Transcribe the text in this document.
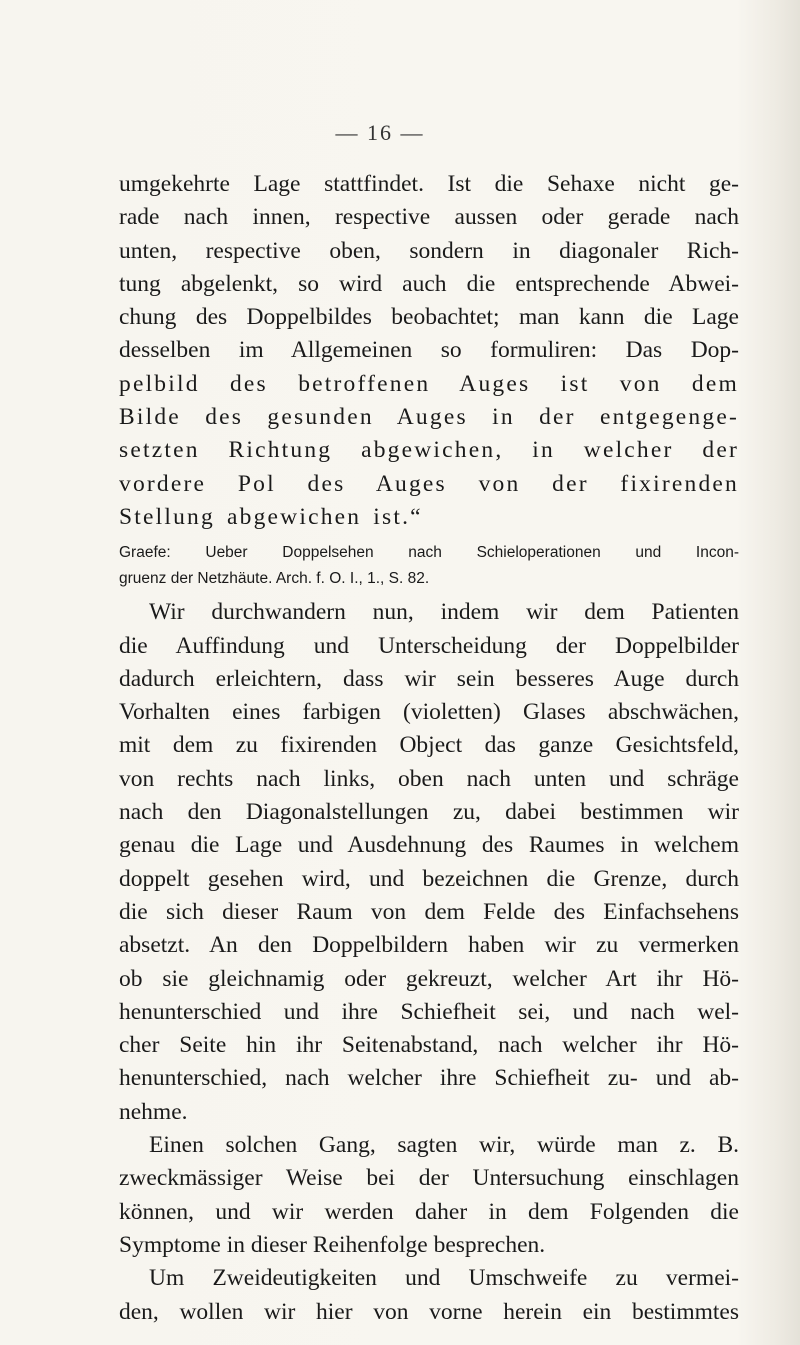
— 16 —
umgekehrte Lage stattfindet. Ist die Sehaxe nicht ge-
rade nach innen, respective aussen oder gerade nach
unten, respective oben, sondern in diagonaler Rich-
tung abgelenkt, so wird auch die entsprechende Abwei-
chung des Doppelbildes beobachtet; man kann die Lage
desselben im Allgemeinen so formuliren: Das Dop-
pelbild des betroffenen Auges ist von dem
Bilde des gesunden Auges in der entgegenge-
setzten Richtung abgewichen, in welcher der
vordere Pol des Auges von der fixirenden
Stellung abgewichen ist.“
Graefe: Ueber Doppelsehen nach Schieloperationen und Incon-
gruenz der Netzhäute. Arch. f. O. I., 1., S. 82.
Wir durchwandern nun, indem wir dem Patienten
die Auffindung und Unterscheidung der Doppelbilder
dadurch erleichtern, dass wir sein besseres Auge durch
Vorhalten eines farbigen (violetten) Glases abschwächen,
mit dem zu fixirenden Object das ganze Gesichtsfeld,
von rechts nach links, oben nach unten und schräge
nach den Diagonalstellungen zu, dabei bestimmen wir
genau die Lage und Ausdehnung des Raumes in welchem
doppelt gesehen wird, und bezeichnen die Grenze, durch
die sich dieser Raum von dem Felde des Einfachsehens
absetzt. An den Doppelbildern haben wir zu vermerken
ob sie gleichnamig oder gekreuzt, welcher Art ihr Hö-
henunterschied und ihre Schiefheit sei, und nach wel-
cher Seite hin ihr Seitenabstand, nach welcher ihr Hö-
henunterschied, nach welcher ihre Schiefheit zu- und ab-
nehme.
Einen solchen Gang, sagten wir, würde man z. B.
zweckmässiger Weise bei der Untersuchung einschlagen
können, und wir werden daher in dem Folgenden die
Symptome in dieser Reihenfolge besprechen.
Um Zweideutigkeiten und Umschweife zu vermei-
den, wollen wir hier von vorne herein ein bestimmtes
